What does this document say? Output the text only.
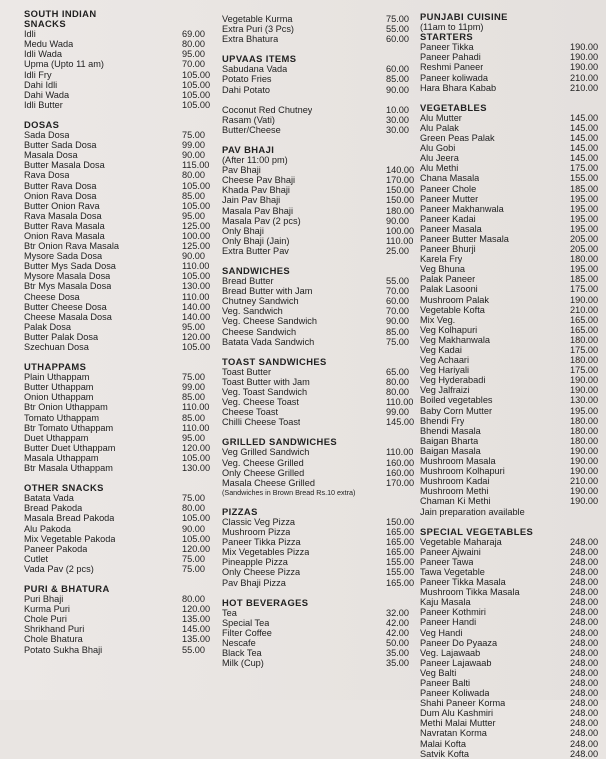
SOUTH INDIAN
SNACKS
Idli	69.00
Medu Wada	80.00
Idli Wada	95.00
Upma (Upto 11 am)	70.00
Idli Fry	105.00
Dahi Idli	105.00
Dahi Wada	105.00
Idli Butter	105.00
DOSAS
Sada Dosa	75.00
Butter Sada Dosa	99.00
Masala Dosa	90.00
Butter Masala Dosa	115.00
Rava Dosa	80.00
Butter Rava Dosa	105.00
Onion Rava Dosa	85.00
Butter Onion Rava	105.00
Rava Masala Dosa	95.00
Butter Rava Masala	125.00
Onion Rava Masala	100.00
Btr Onion Rava Masala	125.00
Mysore Sada Dosa	90.00
Butter Mys Sada Dosa	110.00
Mysore Masala Dosa	105.00
Btr Mys Masala Dosa	130.00
Cheese Dosa	110.00
Butter Cheese Dosa	140.00
Cheese Masala Dosa	140.00
Palak Dosa	95.00
Butter Palak Dosa	120.00
Szechuan Dosa	105.00
UTHAPPAMS
Plain Uthappam	75.00
Butter Uthappam	99.00
Onion Uthappam	85.00
Btr Onion Uthappam	110.00
Tomato Uthappam	85.00
Btr Tomato Uthappam	110.00
Duet Uthappam	95.00
Butter Duet Uthappam	120.00
Masala Uthappam	105.00
Btr Masala Uthappam	130.00
OTHER SNACKS
Batata Vada	75.00
Bread Pakoda	80.00
Masala Bread Pakoda	105.00
Alu Pakoda	90.00
Mix Vegetable Pakoda	105.00
Paneer Pakoda	120.00
Cutlet	75.00
Vada Pav (2 pcs)	75.00
PURI & BHATURA
Puri Bhaji	80.00
Kurma Puri	120.00
Chole Puri	135.00
Shrikhand Puri	145.00
Chole Bhatura	135.00
Potato Sukha Bhaji	55.00
Vegetable Kurma	75.00
Extra Puri (3 Pcs)	55.00
Extra Bhatura	60.00
UPVAAS ITEMS
Sabudana Vada	60.00
Potato Fries	85.00
Dahi Potato	90.00
Coconut Red Chutney	10.00
Rasam (Vati)	30.00
Butter/Cheese	30.00
PAV BHAJI
(After 11:00 pm)
Pav Bhaji	140.00
Cheese Pav Bhaji	170.00
Khada Pav Bhaji	150.00
Jain Pav Bhaji	150.00
Masala Pav Bhaji	180.00
Masala Pav (2 pcs)	90.00
Only Bhaji	100.00
Only Bhaji (Jain)	110.00
Extra Butter Pav	25.00
SANDWICHES
Bread Butter	55.00
Bread Butter with Jam	70.00
Chutney Sandwich	60.00
Veg. Sandwich	70.00
Veg. Cheese Sandwich	90.00
Cheese Sandwich	85.00
Batata Vada Sandwich	75.00
TOAST SANDWICHES
Toast Butter	65.00
Toast Butter with Jam	80.00
Veg. Toast Sandwich	80.00
Veg. Cheese Toast	110.00
Cheese Toast	99.00
Chilli Cheese Toast	145.00
GRILLED SANDWICHES
Veg Grilled Sandwich	110.00
Veg. Cheese Grilled	160.00
Only Cheese Grilled	160.00
Masala Cheese Grilled	170.00
(Sandwiches in Brown Bread Rs.10 extra)
PIZZAS
Classic Veg Pizza	150.00
Mushroom Pizza	165.00
Paneer Tikka Pizza	165.00
Mix Vegetables Pizza	165.00
Pineapple Pizza	155.00
Only Cheese Pizza	155.00
Pav Bhaji Pizza	165.00
HOT BEVERAGES
Tea	32.00
Special Tea	42.00
Filter Coffee	42.00
Nescafe	50.00
Black Tea	35.00
Milk (Cup)	35.00
PUNJABI CUISINE
(11am to 11pm)
STARTERS
Paneer Tikka	190.00
Paneer Pahadi	190.00
Reshmi Paneer	190.00
Paneer koliwada	210.00
Hara Bhara Kabab	210.00
VEGETABLES
Alu Mutter	145.00
Alu Palak	145.00
Green Peas Palak	145.00
Alu Gobi	145.00
Alu Jeera	145.00
Alu Methi	175.00
Chana Masala	155.00
Paneer Chole	185.00
Paneer Mutter	195.00
Paneer Makhanwala	195.00
Paneer Kadai	195.00
Paneer Masala	195.00
Paneer Butter Masala	205.00
Paneer Bhurji	205.00
Karela Fry	180.00
Veg Bhuna	195.00
Palak Paneer	185.00
Palak Lasooni	175.00
Mushroom Palak	190.00
Vegetable Kofta	210.00
Mix Veg.	165.00
Veg Kolhapuri	165.00
Veg Makhanwala	180.00
Veg Kadai	175.00
Veg Achaari	180.00
Veg Hariyali	175.00
Veg Hyderabadi	190.00
Veg Jalfraizi	190.00
Boiled vegetables	130.00
Baby Corn Mutter	195.00
Bhendi Fry	180.00
Bhendi Masala	180.00
Baigan Bharta	180.00
Baigan Masala	190.00
Mushroom Masala	190.00
Mushroom Kolhapuri	190.00
Mushroom Kadai	210.00
Mushroom Methi	190.00
Chaman Ki Methi	190.00
Jain preparation available
SPECIAL VEGETABLES
Vegetable Maharaja	248.00
Paneer Ajwaini	248.00
Paneer Tawa	248.00
Tawa Vegetable	248.00
Paneer Tikka Masala	248.00
Mushroom Tikka Masala	248.00
Kaju Masala	248.00
Paneer Kothmiri	248.00
Paneer Handi	248.00
Veg Handi	248.00
Paneer Do Pyaaza	248.00
Veg. Lajawaab	248.00
Paneer Lajawaab	248.00
Veg Balti	248.00
Paneer Balti	248.00
Paneer Koliwada	248.00
Shahi Paneer Korma	248.00
Dum Alu Kashmiri	248.00
Methi Malai Mutter	248.00
Navratan Korma	248.00
Malai Kofta	248.00
Satvik Kofta	248.00
